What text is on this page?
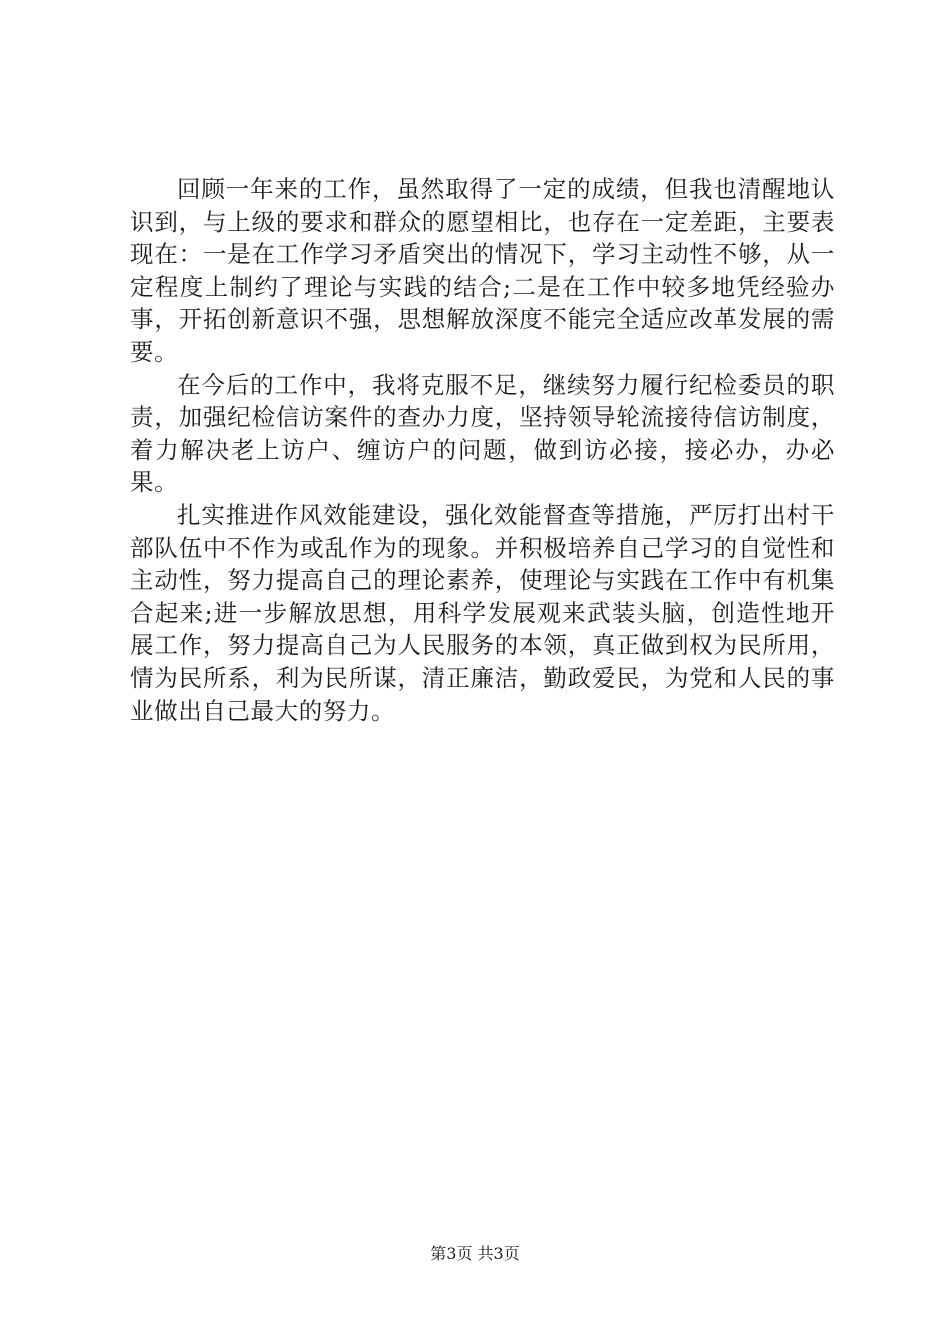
回顾一年来的工作，虽然取得了一定的成绩，但我也清醒地认识到，与上级的要求和群众的愿望相比，也存在一定差距，主要表现在：一是在工作学习矛盾突出的情况下，学习主动性不够，从一定程度上制约了理论与实践的结合;二是在工作中较多地凭经验办事，开拓创新意识不强，思想解放深度不能完全适应改革发展的需要。

在今后的工作中，我将克服不足，继续努力履行纪检委员的职责，加强纪检信访案件的查办力度，坚持领导轮流接待信访制度，着力解决老上访户、缠访户的问题，做到访必接，接必办，办必果。

扎实推进作风效能建设，强化效能督查等措施，严厉打出村干部队伍中不作为或乱作为的现象。并积极培养自己学习的自觉性和主动性，努力提高自己的理论素养，使理论与实践在工作中有机集合起来;进一步解放思想，用科学发展观来武装头脑，创造性地开展工作，努力提高自己为人民服务的本领，真正做到权为民所用，情为民所系，利为民所谋，清正廉洁，勤政爱民，为党和人民的事业做出自己最大的努力。

第3页 共3页
